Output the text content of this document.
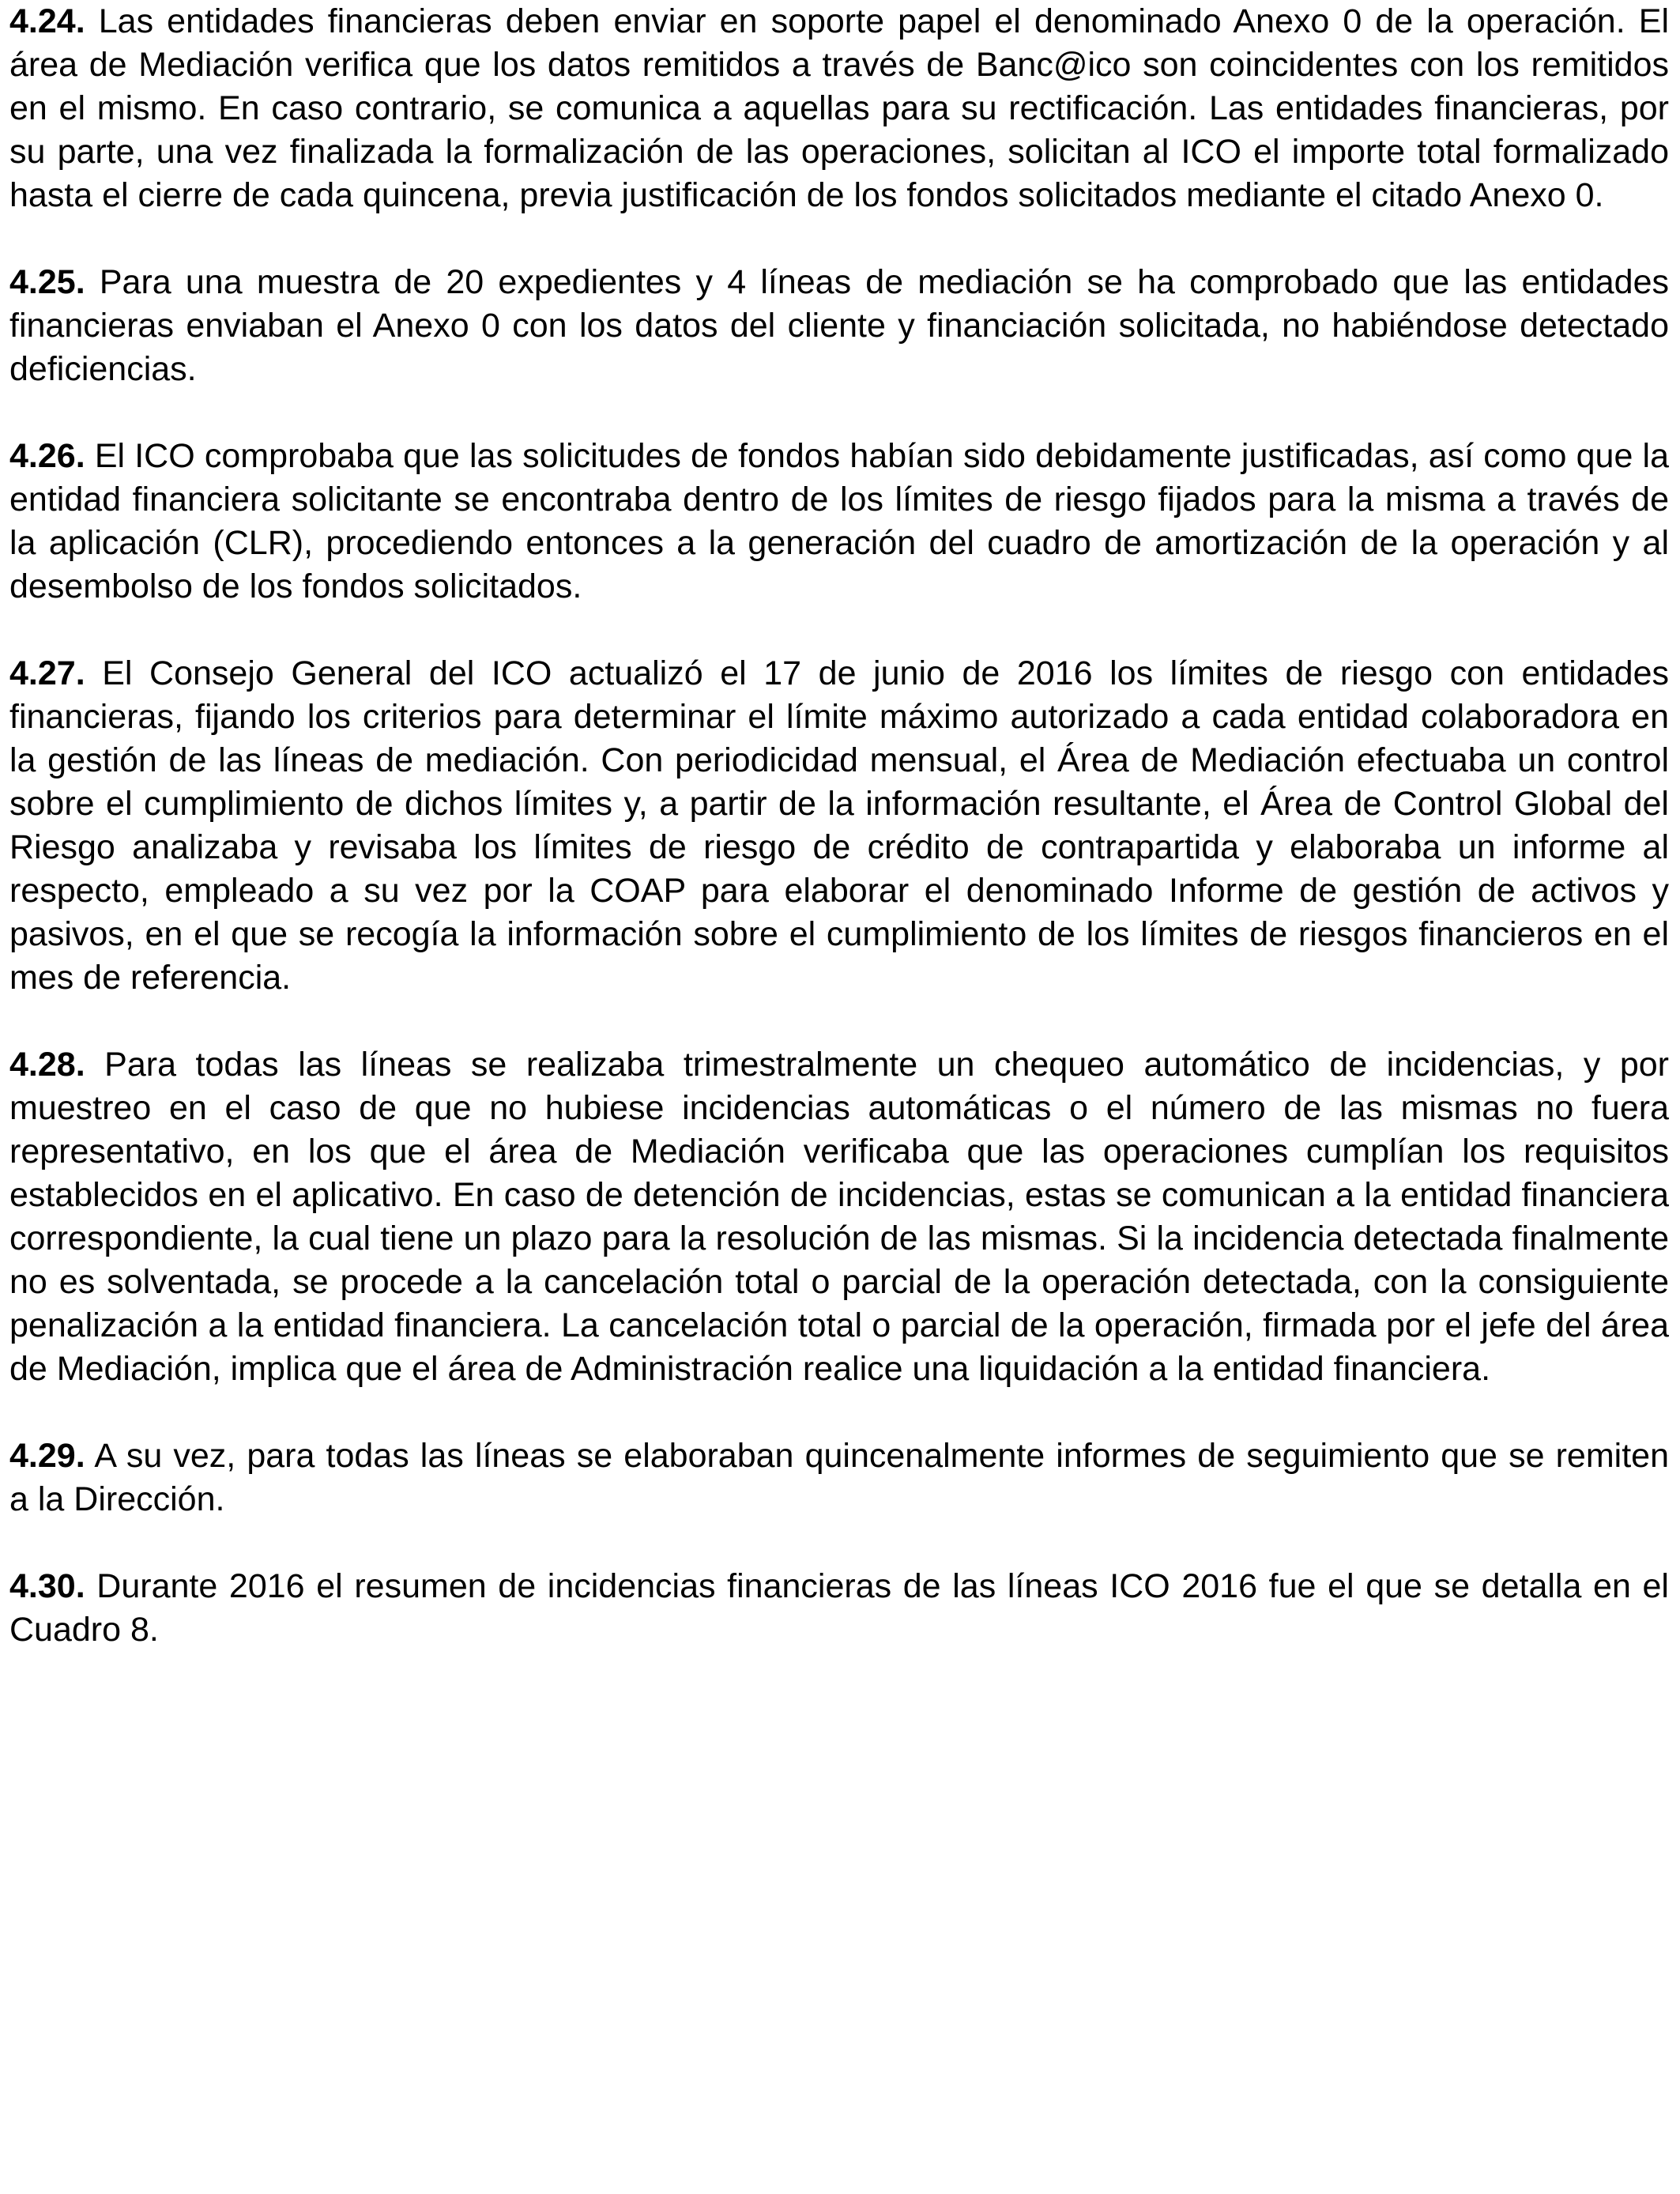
4.24. Las entidades financieras deben enviar en soporte papel el denominado Anexo 0 de la operación. El área de Mediación verifica que los datos remitidos a través de Banc@ico son coincidentes con los remitidos en el mismo. En caso contrario, se comunica a aquellas para su rectificación. Las entidades financieras, por su parte, una vez finalizada la formalización de las operaciones, solicitan al ICO el importe total formalizado hasta el cierre de cada quincena, previa justificación de los fondos solicitados mediante el citado Anexo 0.

4.25. Para una muestra de 20 expedientes y 4 líneas de mediación se ha comprobado que las entidades financieras enviaban el Anexo 0 con los datos del cliente y financiación solicitada, no habiéndose detectado deficiencias.

4.26. El ICO comprobaba que las solicitudes de fondos habían sido debidamente justificadas, así como que la entidad financiera solicitante se encontraba dentro de los límites de riesgo fijados para la misma a través de la aplicación (CLR), procediendo entonces a la generación del cuadro de amortización de la operación y al desembolso de los fondos solicitados.

4.27. El Consejo General del ICO actualizó el 17 de junio de 2016 los límites de riesgo con entidades financieras, fijando los criterios para determinar el límite máximo autorizado a cada entidad colaboradora en la gestión de las líneas de mediación. Con periodicidad mensual, el Área de Mediación efectuaba un control sobre el cumplimiento de dichos límites y, a partir de la información resultante, el Área de Control Global del Riesgo analizaba y revisaba los límites de riesgo de crédito de contrapartida y elaboraba un informe al respecto, empleado a su vez por la COAP para elaborar el denominado Informe de gestión de activos y pasivos, en el que se recogía la información sobre el cumplimiento de los límites de riesgos financieros en el mes de referencia.

4.28. Para todas las líneas se realizaba trimestralmente un chequeo automático de incidencias, y por muestreo en el caso de que no hubiese incidencias automáticas o el número de las mismas no fuera representativo, en los que el área de Mediación verificaba que las operaciones cumplían los requisitos establecidos en el aplicativo. En caso de detención de incidencias, estas se comunican a la entidad financiera correspondiente, la cual tiene un plazo para la resolución de las mismas. Si la incidencia detectada finalmente no es solventada, se procede a la cancelación total o parcial de la operación detectada, con la consiguiente penalización a la entidad financiera. La cancelación total o parcial de la operación, firmada por el jefe del área de Mediación, implica que el área de Administración realice una liquidación a la entidad financiera.

4.29. A su vez, para todas las líneas se elaboraban quincenalmente informes de seguimiento que se remiten a la Dirección.

4.30. Durante 2016 el resumen de incidencias financieras de las líneas ICO 2016 fue el que se detalla en el Cuadro 8.
